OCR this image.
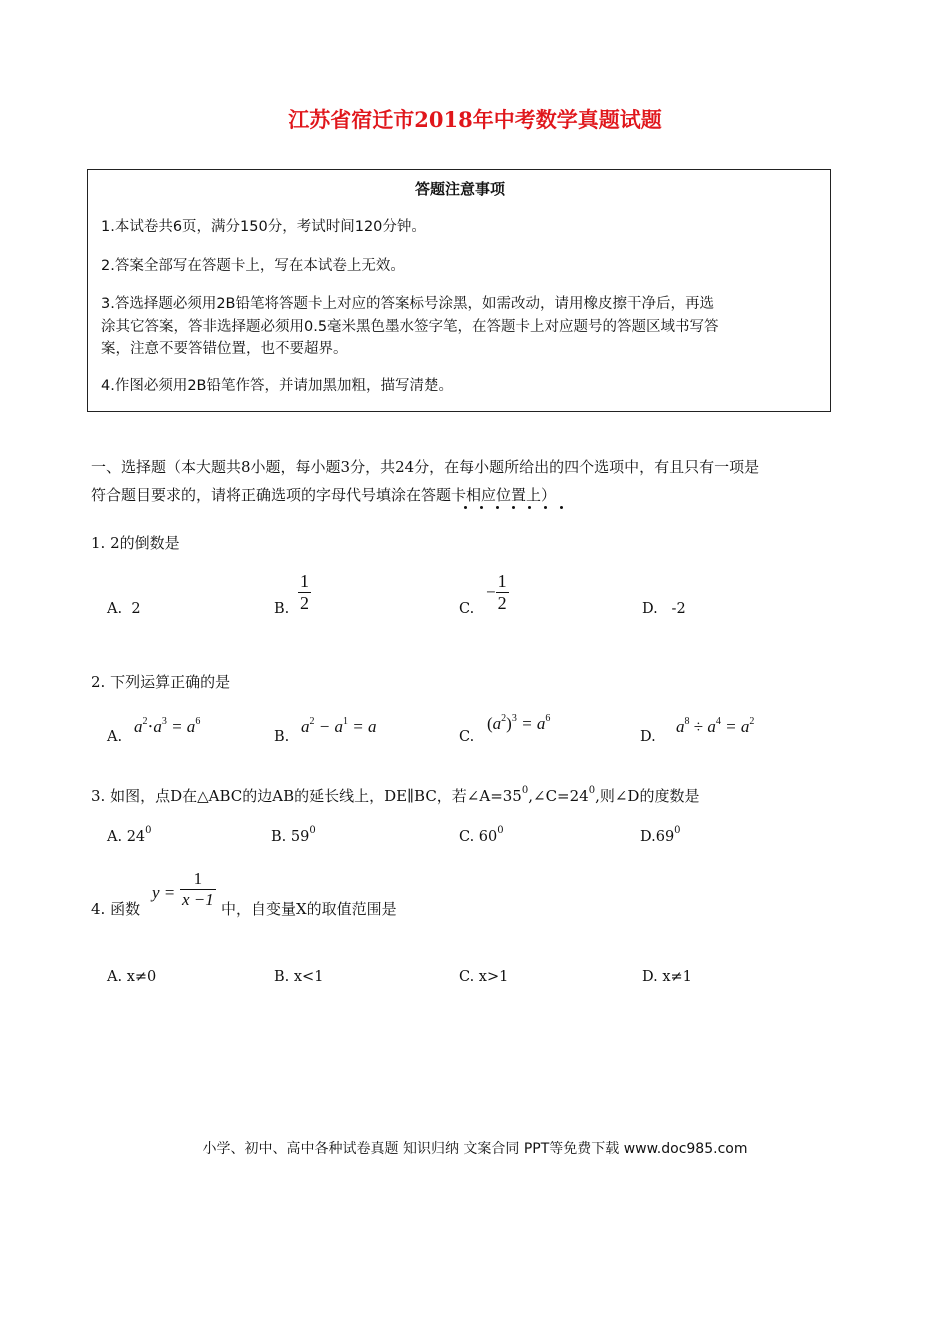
江苏省宿迁市2018年中考数学真题试题
答题注意事项
1.本试卷共6页，满分150分，考试时间120分钟。
2.答案全部写在答题卡上，写在本试卷上无效。
3.答选择题必须用2B铅笔将答题卡上对应的答案标号涂黑，如需改动，请用橡皮擦干净后，再选
涂其它答案，答非选择题必须用0.5毫米黑色墨水签字笔，在答题卡上对应题号的答题区域书写答
案，注意不要答错位置，也不要超界。
4.作图必须用2B铅笔作答，并请加黑加粗，描写清楚。
一、选择题（本大题共8小题，每小题3分，共24分，在每小题所给出的四个选项中，有且只有一项是
符合题目要求的，请将正确选项的字母代号填涂在答题卡相应位置上）
1. 2的倒数是
A. 2	B. $\frac{1}{2}$	C.
− $\frac{1}{2}$	D. -2
2. 下列运算正确的是
A.
$a^2\cdot a^3 = a^6$
B.
$a^2 - a^1 = a$
C.
$(a^2)^3 = a^6$
D.
$a^8 \div a^4 = a^2$
3. 如图，点D在△ABC的边AB的延长线上，DE∥BC，若$\angle A=35^0,\angle C=24^0$,则∠D的度数是
A. $24^0$	B. $59^0$	C. $60^0$	$D.69^0$
4. 函数
$y = \frac{1}{x -1}$ 中，自变量X的取值范围是
A. x≠0	B. x<1	C. x>1	D. x≠1
小学、初中、高中各种试卷真题 知识归纳 文案合同 PPT等免费下载 www.doc985.com
